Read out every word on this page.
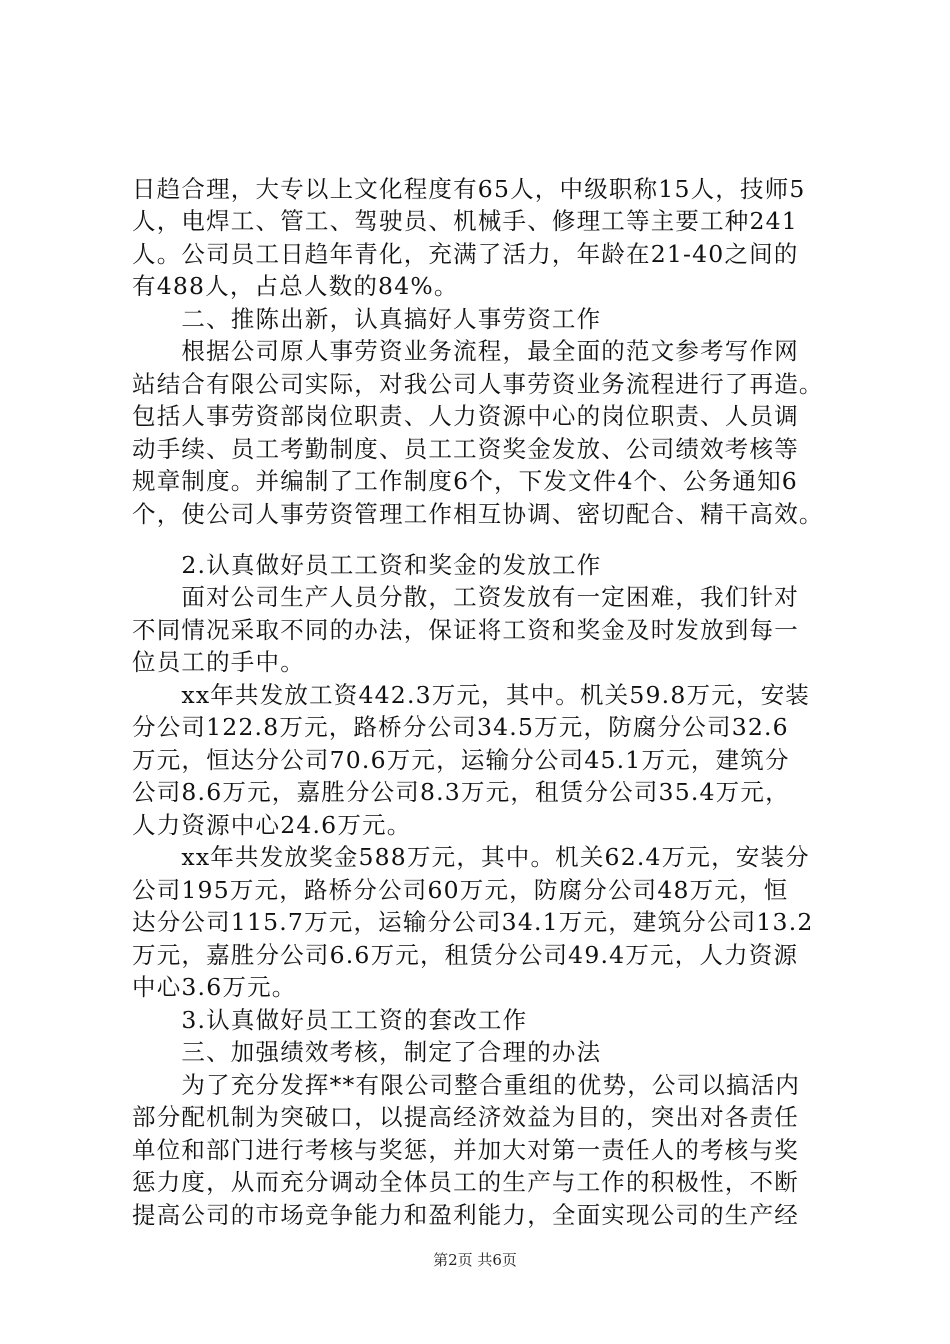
日趋合理，大专以上文化程度有65人，中级职称15人，技师5
人，电焊工、管工、驾驶员、机械手、修理工等主要工种241
人。公司员工日趋年青化，充满了活力，年龄在21-40之间的
有488人，占总人数的84%。
　　二、推陈出新，认真搞好人事劳资工作
　　根据公司原人事劳资业务流程，最全面的范文参考写作网
站结合有限公司实际，对我公司人事劳资业务流程进行了再造。
包括人事劳资部岗位职责、人力资源中心的岗位职责、人员调
动手续、员工考勤制度、员工工资奖金发放、公司绩效考核等
规章制度。并编制了工作制度6个，下发文件4个、公务通知6
个，使公司人事劳资管理工作相互协调、密切配合、精干高效。
　　2.认真做好员工工资和奖金的发放工作
　　面对公司生产人员分散，工资发放有一定困难，我们针对
不同情况采取不同的办法，保证将工资和奖金及时发放到每一
位员工的手中。
　　xx年共发放工资442.3万元，其中。机关59.8万元，安装
分公司122.8万元，路桥分公司34.5万元，防腐分公司32.6
万元，恒达分公司70.6万元，运输分公司45.1万元，建筑分
公司8.6万元，嘉胜分公司8.3万元，租赁分公司35.4万元，
人力资源中心24.6万元。
　　xx年共发放奖金588万元，其中。机关62.4万元，安装分
公司195万元，路桥分公司60万元，防腐分公司48万元，恒
达分公司115.7万元，运输分公司34.1万元，建筑分公司13.2
万元，嘉胜分公司6.6万元，租赁分公司49.4万元，人力资源
中心3.6万元。
　　3.认真做好员工工资的套改工作
　　三、加强绩效考核，制定了合理的办法
　　为了充分发挥**有限公司整合重组的优势，公司以搞活内
部分配机制为突破口，以提高经济效益为目的，突出对各责任
单位和部门进行考核与奖惩，并加大对第一责任人的考核与奖
惩力度，从而充分调动全体员工的生产与工作的积极性，不断
提高公司的市场竞争能力和盈利能力，全面实现公司的生产经
第2页 共6页
